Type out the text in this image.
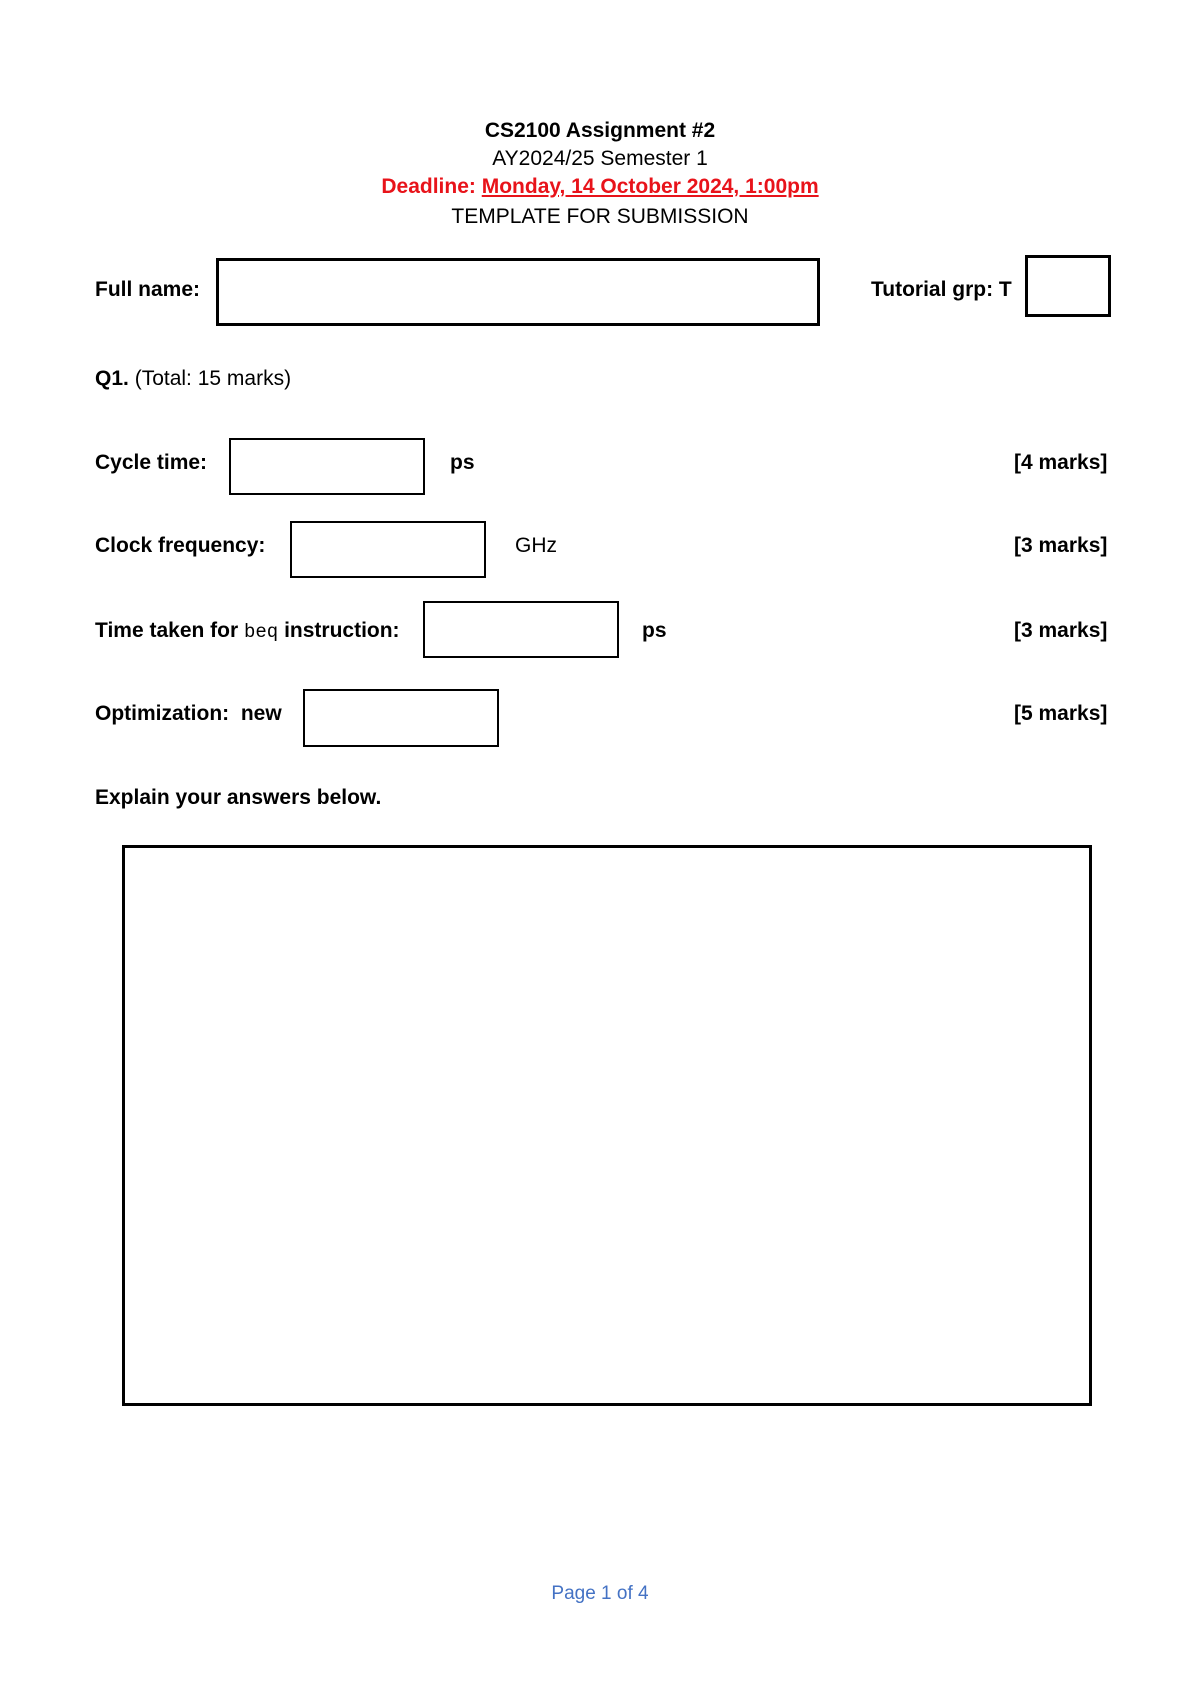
CS2100 Assignment #2
AY2024/25 Semester 1
Deadline: Monday, 14 October 2024, 1:00pm
TEMPLATE FOR SUBMISSION
Full name:	Tutorial grp: T
Q1. (Total: 15 marks)
Cycle time:	ps	[4 marks]
Clock frequency:	GHz	[3 marks]
Time taken for beq instruction:	ps	[3 marks]
Optimization:  new	[5 marks]
Explain your answers below.
Page 1 of 4
